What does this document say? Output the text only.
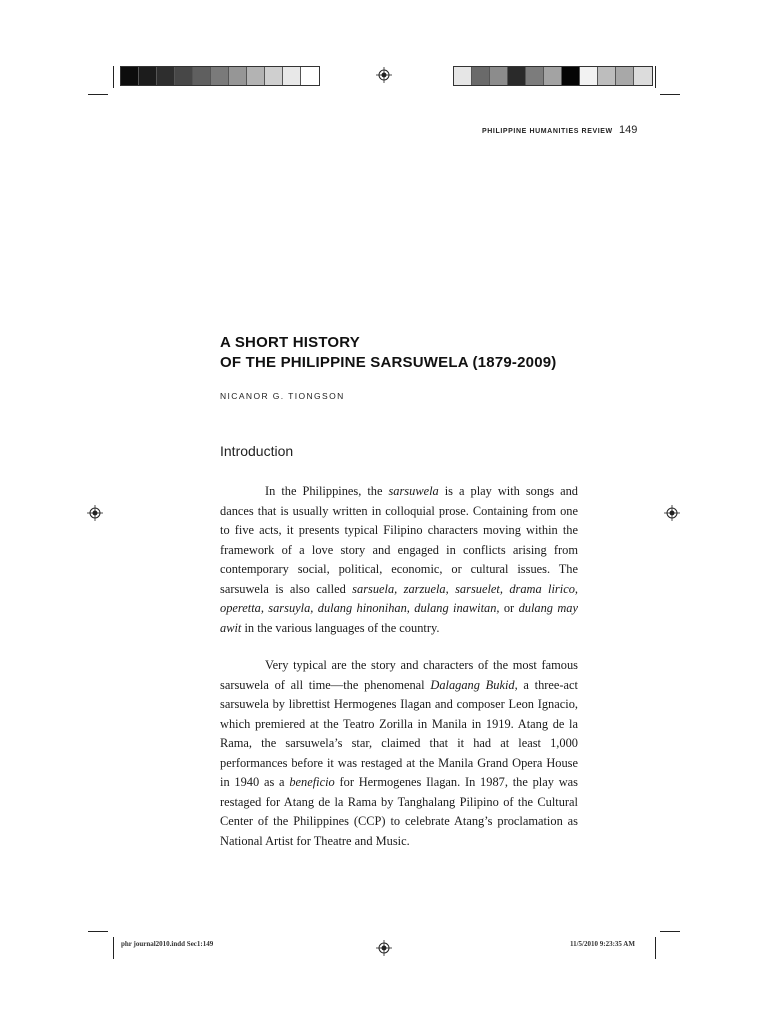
PHILIPPINE HUMANITIES REVIEW 149
A SHORT HISTORY
OF THE PHILIPPINE SARSUWELA (1879-2009)
NICANOR G. TIONGSON
Introduction
In the Philippines, the sarsuwela is a play with songs and dances that is usually written in colloquial prose. Containing from one to five acts, it presents typical Filipino characters moving within the framework of a love story and engaged in conflicts arising from contemporary social, political, economic, or cultural issues. The sarsuwela is also called sarsuela, zarzuela, sarsuelet, drama lirico, operetta, sarsuyla, dulang hinonihan, dulang inawitan, or dulang may awit in the various languages of the country.
Very typical are the story and characters of the most famous sarsuwela of all time—the phenomenal Dalagang Bukid, a three-act sarsuwela by librettist Hermogenes Ilagan and composer Leon Ignacio, which premiered at the Teatro Zorilla in Manila in 1919. Atang de la Rama, the sarsuwela’s star, claimed that it had at least 1,000 performances before it was restaged at the Manila Grand Opera House in 1940 as a beneficio for Hermogenes Ilagan. In 1987, the play was restaged for Atang de la Rama by Tanghalang Pilipino of the Cultural Center of the Philippines (CCP) to celebrate Atang’s proclamation as National Artist for Theatre and Music.
phr journal2010.indd Sec1:149	11/5/2010 9:23:35 AM
